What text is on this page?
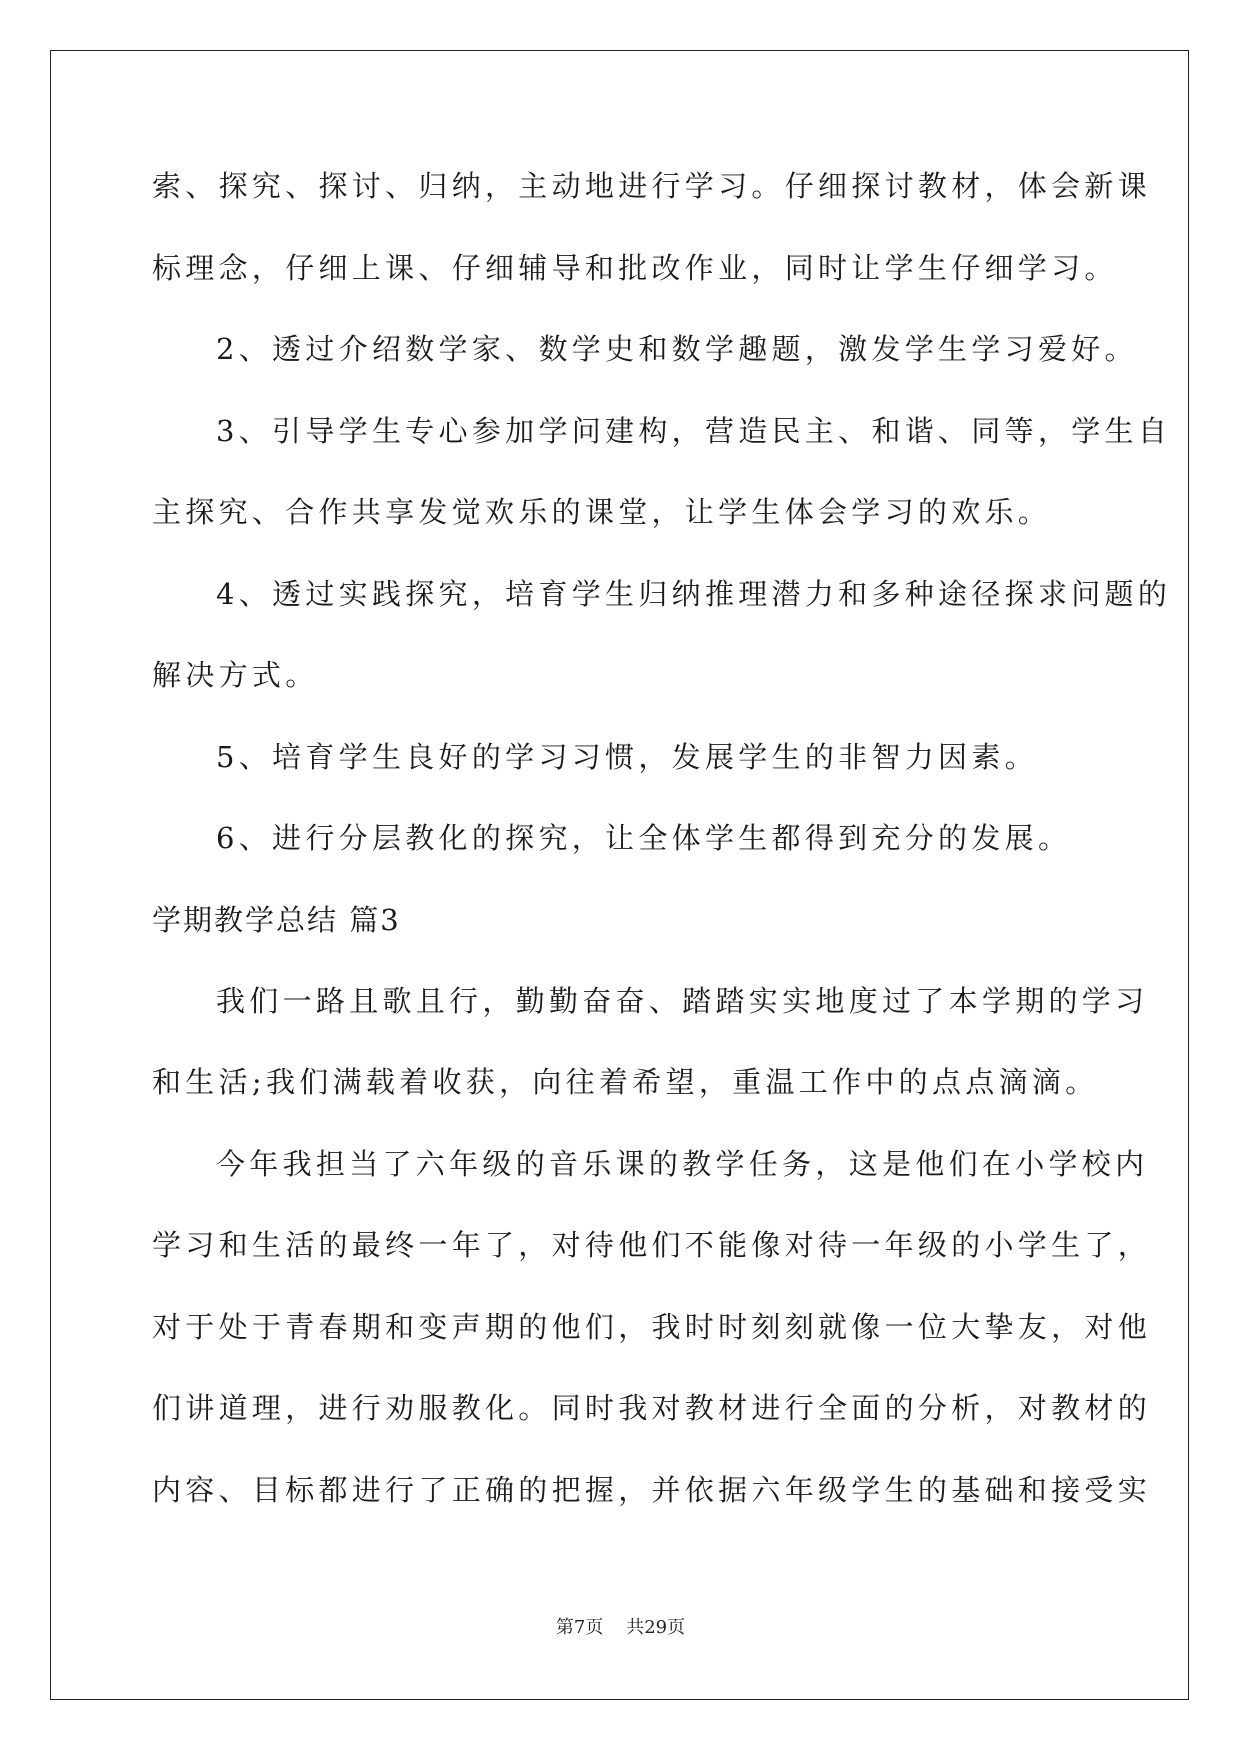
索、探究、探讨、归纳，主动地进行学习。仔细探讨教材，体会新课
标理念，仔细上课、仔细辅导和批改作业，同时让学生仔细学习。
2、透过介绍数学家、数学史和数学趣题，激发学生学习爱好。
3、引导学生专心参加学问建构，营造民主、和谐、同等，学生自
主探究、合作共享发觉欢乐的课堂，让学生体会学习的欢乐。
4、透过实践探究，培育学生归纳推理潜力和多种途径探求问题的
解决方式。
5、培育学生良好的学习习惯，发展学生的非智力因素。
6、进行分层教化的探究，让全体学生都得到充分的发展。
学期教学总结 篇3
我们一路且歌且行，勤勤奋奋、踏踏实实地度过了本学期的学习
和生活;我们满载着收获，向往着希望，重温工作中的点点滴滴。
今年我担当了六年级的音乐课的教学任务，这是他们在小学校内
学习和生活的最终一年了，对待他们不能像对待一年级的小学生了，
对于处于青春期和变声期的他们，我时时刻刻就像一位大挚友，对他
们讲道理，进行劝服教化。同时我对教材进行全面的分析，对教材的
内容、目标都进行了正确的把握，并依据六年级学生的基础和接受实
第7页 共29页
